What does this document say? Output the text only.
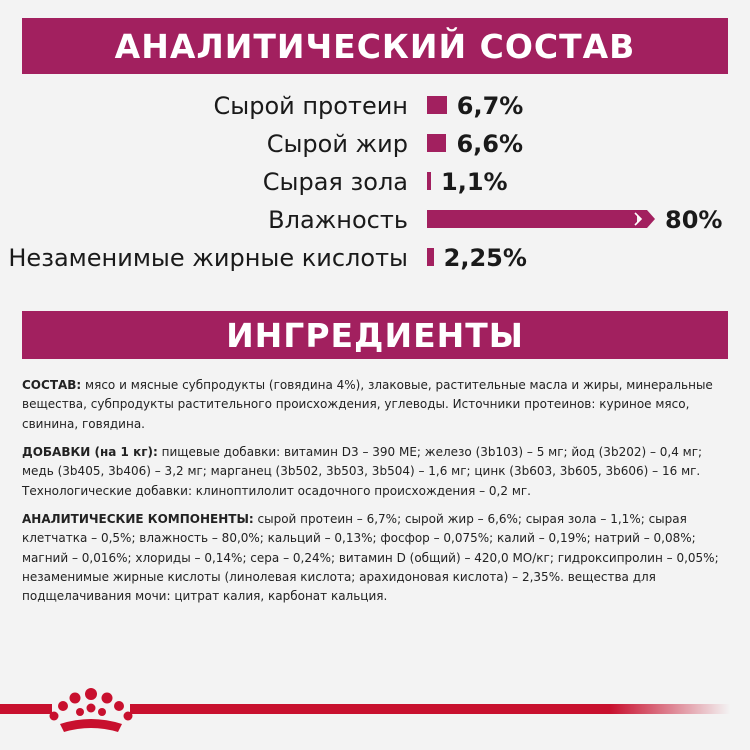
АНАЛИТИЧЕСКИЙ СОСТАВ
Сырой протеин 6,7%
Сырой жир 6,6%
Сырая зола 1,1%
Влажность	80%
Незаменимые жирные кислоты 2,25%
ИНГРЕДИЕНТЫ
СОСТАВ: мясо и мясные субпродукты (говядина 4%), злаковые, растительные масла и жиры, минеральные вещества, субпродукты растительного происхождения, углеводы. Источники протеинов: куриное мясо, свинина, говядина.
ДОБАВКИ (на 1 кг): пищевые добавки: витамин D3 – 390 МЕ; железо (3b103) – 5 мг; йод (3b202) – 0,4 мг; медь (3b405, 3b406) – 3,2 мг; марганец (3b502, 3b503, 3b504) – 1,6 мг; цинк (3b603, 3b605, 3b606) – 16 мг. Технологические добавки: клиноптилолит осадочного происхождения – 0,2 мг.
АНАЛИТИЧЕСКИЕ КОМПОНЕНТЫ: сырой протеин – 6,7%; сырой жир – 6,6%; сырая зола – 1,1%; сырая клетчатка – 0,5%; влажность – 80,0%; кальций – 0,13%; фосфор – 0,075%; калий – 0,19%; натрий – 0,08%; магний – 0,016%; хлориды – 0,14%; сера – 0,24%; витамин D (общий) – 420,0 МО/кг; гидроксипролин – 0,05%; незаменимые жирные кислоты (линолевая кислота; арахидоновая кислота) – 2,35%. вещества для подщелачивания мочи: цитрат калия, карбонат кальция.
